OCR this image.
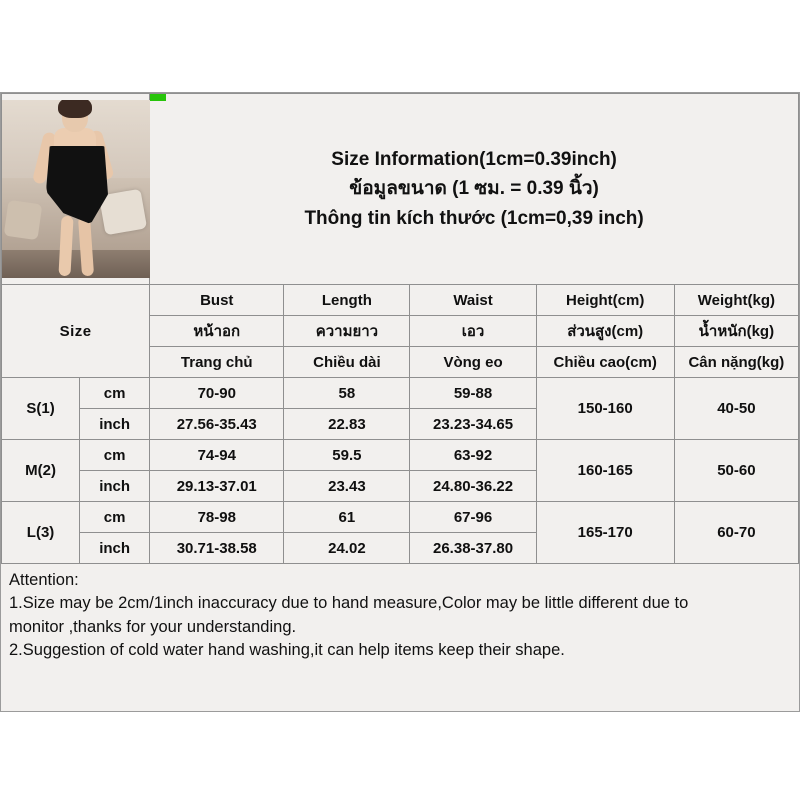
		Size Information(1cm=0.39inch)
ข้อมูลขนาด (1 ซม. = 0.39 นิ้ว)
Thông tin kích thước (1cm=0,39 inch)				

Size		Bust	Length	Waist	Height(cm)	Weight(kg)
		หน้าอก	ความยาว	เอว	ส่วนสูง(cm)	น้ำหนัก(kg)
		Trang chủ	Chiều dài	Vòng eo	Chiều cao(cm)	Cân nặng(kg)
S(1)	cm	70-90	58	59-88	150-160	40-50
	inch	27.56-35.43	22.83	23.23-34.65		
M(2)	cm	74-94	59.5	63-92	160-165	50-60
	inch	29.13-37.01	23.43	24.80-36.22		
L(3)	cm	78-98	61	67-96	165-170	60-70
	inch	30.71-38.58	24.02	26.38-37.80		
Attention:
1.Size may be 2cm/1inch inaccuracy due to hand measure,Color may be little different due to
monitor ,thanks for your understanding.
2.Suggestion of cold water hand washing,it can help items keep their shape.
